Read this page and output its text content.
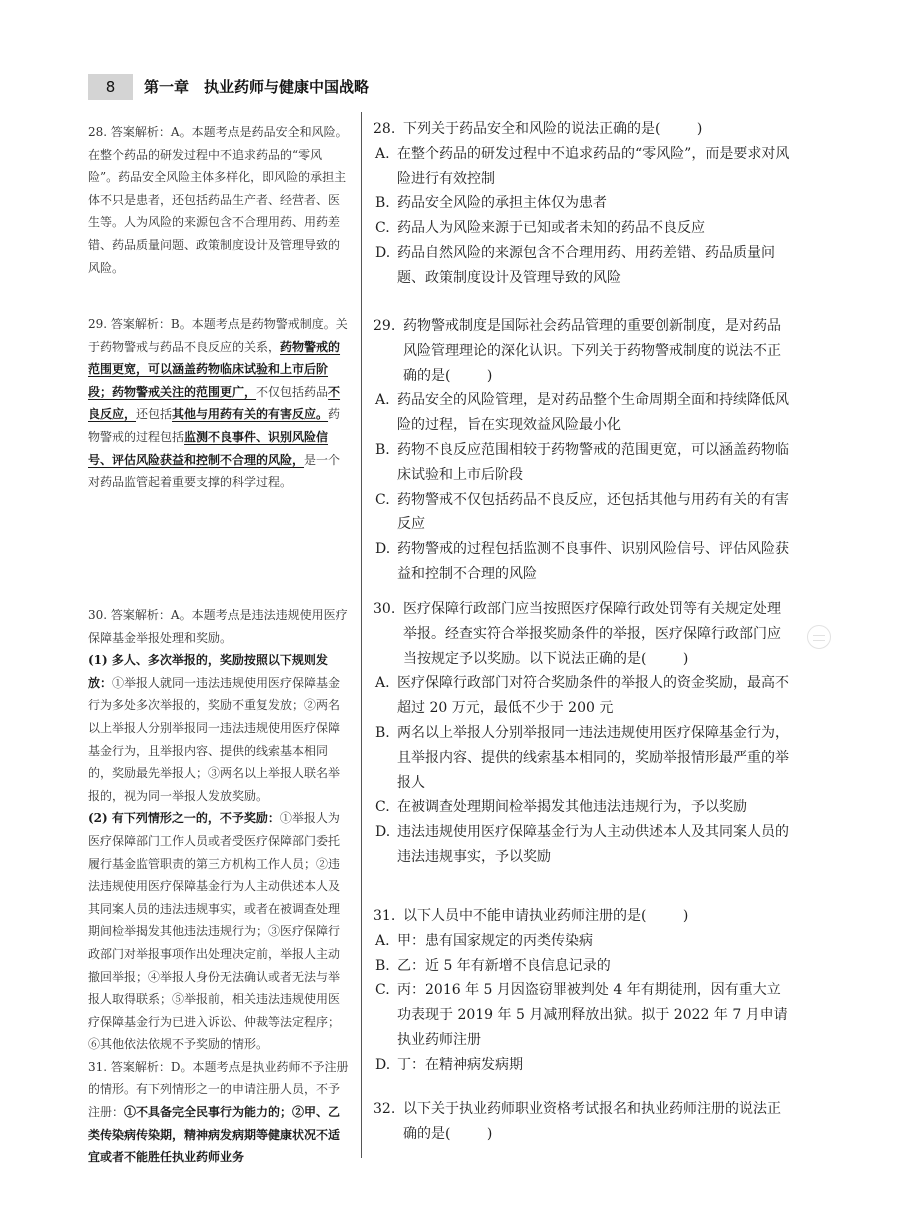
8	第一章　执业药师与健康中国战略

28. 答案解析：A。本题考点是药品安全和风险。在整个药品的研发过程中不追求药品的“零风险”。药品安全风险主体多样化，即风险的承担主体不只是患者，还包括药品生产者、经营者、医生等。人为风险的来源包含不合理用药、用药差错、药品质量问题、政策制度设计及管理导致的风险。

29. 答案解析：B。本题考点是药物警戒制度。关于药物警戒与药品不良反应的关系，药物警戒的范围更宽，可以涵盖药物临床试验和上市后阶段；药物警戒关注的范围更广，不仅包括药品不良反应，还包括其他与用药有关的有害反应。药物警戒的过程包括监测不良事件、识别风险信号、评估风险获益和控制不合理的风险，是一个对药品监管起着重要支撑的科学过程。

30. 答案解析：A。本题考点是违法违规使用医疗保障基金举报处理和奖励。

(1) 多人、多次举报的，奖励按照以下规则发放：①举报人就同一违法违规使用医疗保障基金行为多处多次举报的，奖励不重复发放；②两名以上举报人分别举报同一违法违规使用医疗保障基金行为，且举报内容、提供的线索基本相同的，奖励最先举报人；③两名以上举报人联名举报的，视为同一举报人发放奖励。

(2) 有下列情形之一的，不予奖励：①举报人为医疗保障部门工作人员或者受医疗保障部门委托履行基金监管职责的第三方机构工作人员；②违法违规使用医疗保障基金行为人主动供述本人及其同案人员的违法违规事实，或者在被调查处理期间检举揭发其他违法违规行为；③医疗保障行政部门对举报事项作出处理决定前，举报人主动撤回举报；④举报人身份无法确认或者无法与举报人取得联系；⑤举报前，相关违法违规使用医疗保障基金行为已进入诉讼、仲裁等法定程序；⑥其他依法依规不予奖励的情形。

31. 答案解析：D。本题考点是执业药师不予注册的情形。有下列情形之一的申请注册人员，不予注册：①不具备完全民事行为能力的；②甲、乙类传染病传染期，精神病发病期等健康状况不适宜或者不能胜任执业药师业务

28. 下列关于药品安全和风险的说法正确的是(	)

A. 在整个药品的研发过程中不追求药品的“零风险”，而是要求对风险进行有效控制

B. 药品安全风险的承担主体仅为患者

C. 药品人为风险来源于已知或者未知的药品不良反应

D. 药品自然风险的来源包含不合理用药、用药差错、药品质量问题、政策制度设计及管理导致的风险

29. 药物警戒制度是国际社会药品管理的重要创新制度，是对药品风险管理理论的深化认识。下列关于药物警戒制度的说法不正确的是(	)

A. 药品安全的风险管理，是对药品整个生命周期全面和持续降低风险的过程，旨在实现效益风险最小化

B. 药物不良反应范围相较于药物警戒的范围更宽，可以涵盖药物临床试验和上市后阶段

C. 药物警戒不仅包括药品不良反应，还包括其他与用药有关的有害反应

D. 药物警戒的过程包括监测不良事件、识别风险信号、评估风险获益和控制不合理的风险

30. 医疗保障行政部门应当按照医疗保障行政处罚等有关规定处理举报。经查实符合举报奖励条件的举报，医疗保障行政部门应当按规定予以奖励。以下说法正确的是(	)

A. 医疗保障行政部门对符合奖励条件的举报人的资金奖励，最高不超过 20 万元，最低不少于 200 元

B. 两名以上举报人分别举报同一违法违规使用医疗保障基金行为，且举报内容、提供的线索基本相同的，奖励举报情形最严重的举报人

C. 在被调查处理期间检举揭发其他违法违规行为，予以奖励

D. 违法违规使用医疗保障基金行为人主动供述本人及其同案人员的违法违规事实，予以奖励

31. 以下人员中不能申请执业药师注册的是(	)

A. 甲：患有国家规定的丙类传染病

B. 乙：近 5 年有新增不良信息记录的

C. 丙：2016 年 5 月因盗窃罪被判处 4 年有期徒刑，因有重大立功表现于 2019 年 5 月减刑释放出狱。拟于 2022 年 7 月申请执业药师注册

D. 丁：在精神病发病期

32. 以下关于执业药师职业资格考试报名和执业药师注册的说法正确的是(	)
